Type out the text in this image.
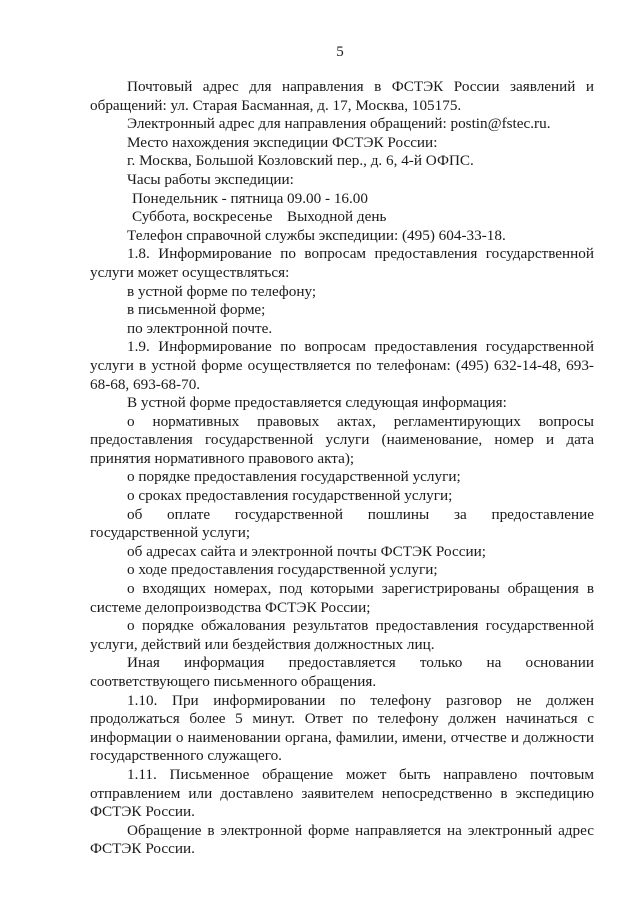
5

Почтовый адрес для направления в ФСТЭК России заявлений и обращений: ул. Старая Басманная, д. 17, Москва, 105175.

Электронный адрес для направления обращений: postin@fstec.ru.

Место нахождения экспедиции ФСТЭК России:

г. Москва, Большой Козловский пер., д. 6, 4-й ОФПС.

Часы работы экспедиции:

Понедельник - пятница 09.00 - 16.00
Суббота, воскресенье Выходной день

Телефон справочной службы экспедиции: (495) 604-33-18.

1.8. Информирование по вопросам предоставления государственной услуги может осуществляться:

в устной форме по телефону;

в письменной форме;

по электронной почте.

1.9. Информирование по вопросам предоставления государственной услуги в устной форме осуществляется по телефонам: (495) 632-14-48, 693-68-68, 693-68-70.

В устной форме предоставляется следующая информация:

о нормативных правовых актах, регламентирующих вопросы предоставления государственной услуги (наименование, номер и дата принятия нормативного правового акта);

о порядке предоставления государственной услуги;

о сроках предоставления государственной услуги;

об оплате государственной пошлины за предоставление государственной услуги;

об адресах сайта и электронной почты ФСТЭК России;

о ходе предоставления государственной услуги;

о входящих номерах, под которыми зарегистрированы обращения в системе делопроизводства ФСТЭК России;

о порядке обжалования результатов предоставления государственной услуги, действий или бездействия должностных лиц.

Иная информация предоставляется только на основании соответствующего письменного обращения.

1.10. При информировании по телефону разговор не должен продолжаться более 5 минут. Ответ по телефону должен начинаться с информации о наименовании органа, фамилии, имени, отчестве и должности государственного служащего.

1.11. Письменное обращение может быть направлено почтовым отправлением или доставлено заявителем непосредственно в экспедицию ФСТЭК России.

Обращение в электронной форме направляется на электронный адрес ФСТЭК России.
